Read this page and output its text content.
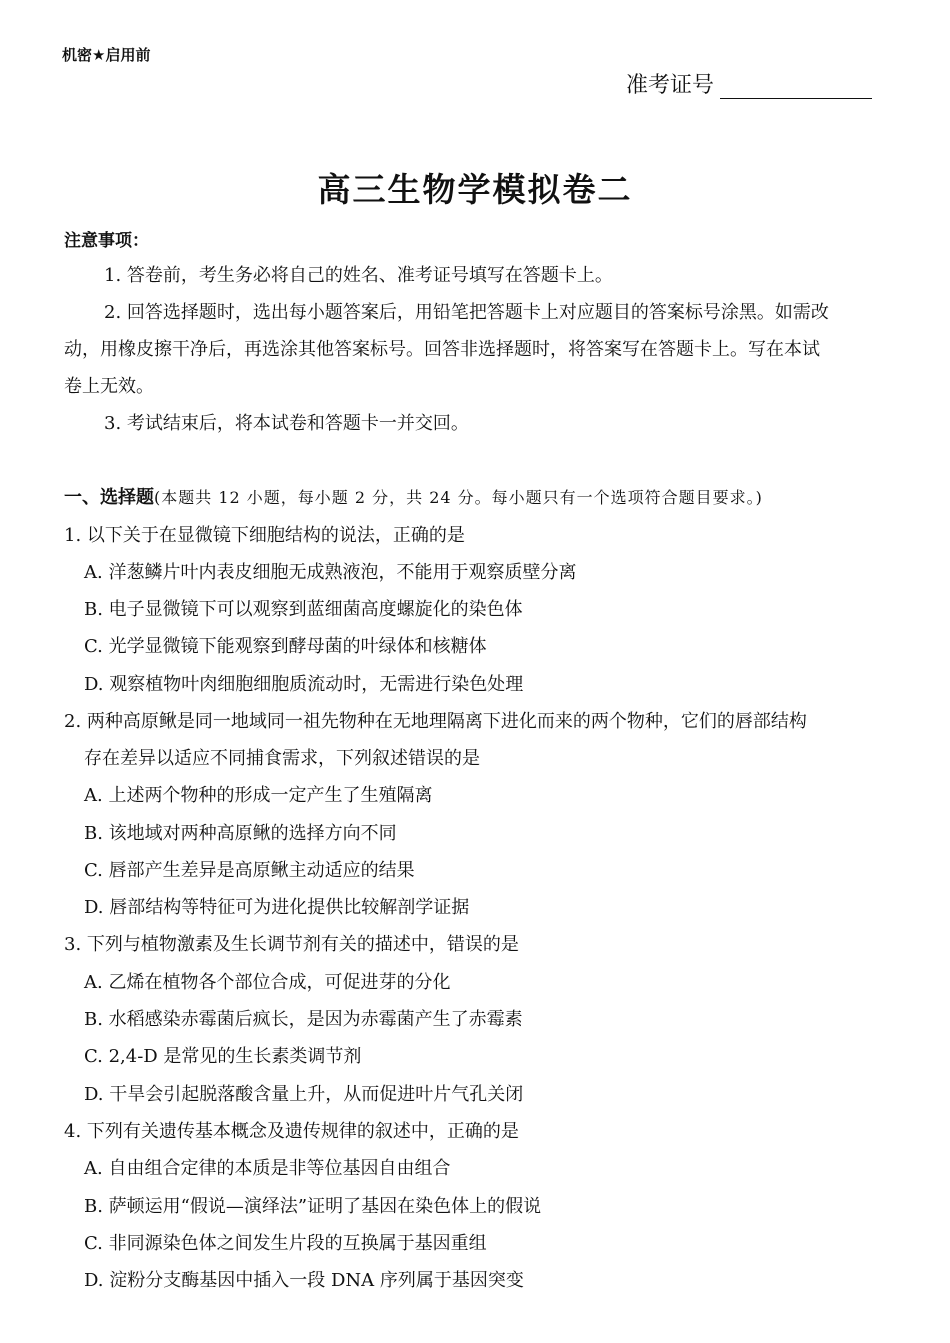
机密★启用前
准考证号
高三生物学模拟卷二
注意事项：
1. 答卷前，考生务必将自己的姓名、准考证号填写在答题卡上。
2. 回答选择题时，选出每小题答案后，用铅笔把答题卡上对应题目的答案标号涂黑。如需改
动，用橡皮擦干净后，再选涂其他答案标号。回答非选择题时，将答案写在答题卡上。写在本试
卷上无效。
3. 考试结束后，将本试卷和答题卡一并交回。
一、选择题(本题共 12 小题，每小题 2 分，共 24 分。每小题只有一个选项符合题目要求。)
1. 以下关于在显微镜下细胞结构的说法，正确的是
A. 洋葱鳞片叶内表皮细胞无成熟液泡，不能用于观察质壁分离
B. 电子显微镜下可以观察到蓝细菌高度螺旋化的染色体
C. 光学显微镜下能观察到酵母菌的叶绿体和核糖体
D. 观察植物叶肉细胞细胞质流动时，无需进行染色处理
2. 两种高原鳅是同一地域同一祖先物种在无地理隔离下进化而来的两个物种，它们的唇部结构
存在差异以适应不同捕食需求，下列叙述错误的是
A. 上述两个物种的形成一定产生了生殖隔离
B. 该地域对两种高原鳅的选择方向不同
C. 唇部产生差异是高原鳅主动适应的结果
D. 唇部结构等特征可为进化提供比较解剖学证据
3. 下列与植物激素及生长调节剂有关的描述中，错误的是
A. 乙烯在植物各个部位合成，可促进芽的分化
B. 水稻感染赤霉菌后疯长，是因为赤霉菌产生了赤霉素
C. 2,4-D 是常见的生长素类调节剂
D. 干旱会引起脱落酸含量上升，从而促进叶片气孔关闭
4. 下列有关遗传基本概念及遗传规律的叙述中，正确的是
A. 自由组合定律的本质是非等位基因自由组合
B. 萨顿运用“假说—演绎法”证明了基因在染色体上的假说
C. 非同源染色体之间发生片段的互换属于基因重组
D. 淀粉分支酶基因中插入一段 DNA 序列属于基因突变
